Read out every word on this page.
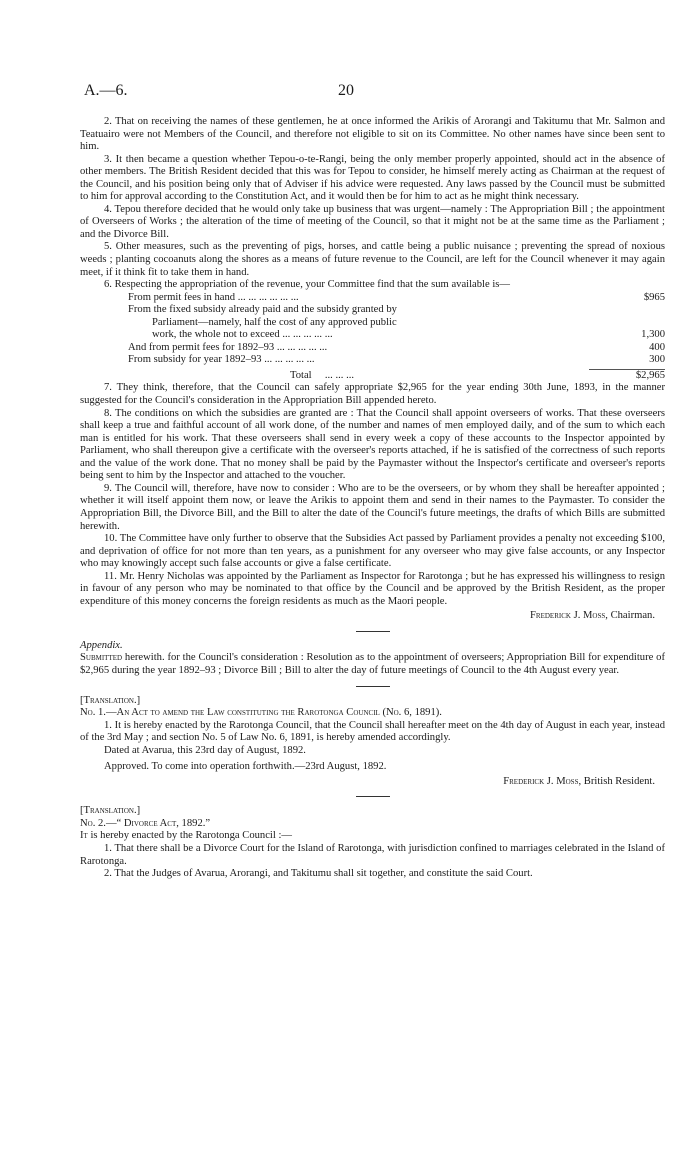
A.—6.	20

2. That on receiving the names of these gentlemen, he at once informed the Arikis of Arorangi and Takitumu that Mr. Salmon and Teatuairo were not Members of the Council, and therefore not eligible to sit on its Committee. No other names have since been sent to him.

3. It then became a question whether Tepou-o-te-Rangi, being the only member properly appointed, should act in the absence of other members. The British Resident decided that this was for Tepou to consider, he himself merely acting as Chairman at the request of the Council, and his position being only that of Adviser if his advice were requested. Any laws passed by the Council must be submitted to him for approval according to the Constitution Act, and it would then be for him to act as he might think necessary.

4. Tepou therefore decided that he would only take up business that was urgent—namely : The Appropriation Bill ; the appointment of Overseers of Works ; the alteration of the time of meeting of the Council, so that it might not be at the same time as the Parliament ; and the Divorce Bill.

5. Other measures, such as the preventing of pigs, horses, and cattle being a public nuisance ; preventing the spread of noxious weeds ; planting cocoanuts along the shores as a means of future revenue to the Council, are left for the Council whenever it may again meet, if it think fit to take them in hand.

6. Respecting the appropriation of the revenue, your Committee find that the sum available is—

From permit fees in hand ... ... ... ... ... ...	$965
From the fixed subsidy already paid and the subsidy granted by
Parliament—namely, half the cost of any approved public
work, the whole not to exceed ... ... ... ... ...	1,300
And from permit fees for 1892–93 ... ... ... ... ...	400
From subsidy for year 1892–93 ... ... ... ... ...	300
Total ... ... ...	$2,965

7. They think, therefore, that the Council can safely appropriate $2,965 for the year ending 30th June, 1893, in the manner suggested for the Council's consideration in the Appropriation Bill appended hereto.

8. The conditions on which the subsidies are granted are : That the Council shall appoint overseers of works. That these overseers shall keep a true and faithful account of all work done, of the number and names of men employed daily, and of the sum to which each man is entitled for his work. That these overseers shall send in every week a copy of these accounts to the Inspector appointed by Parliament, who shall thereupon give a certificate with the overseer's reports attached, if he is satisfied of the correctness of such reports and the value of the work done. That no money shall be paid by the Paymaster without the Inspector's certificate and overseer's reports being sent to him by the Inspector and attached to the voucher.

9. The Council will, therefore, have now to consider : Who are to be the overseers, or by whom they shall be hereafter appointed ; whether it will itself appoint them now, or leave the Arikis to appoint them and send in their names to the Paymaster. To consider the Appropriation Bill, the Divorce Bill, and the Bill to alter the date of the Council's future meetings, the drafts of which Bills are submitted herewith.

10. The Committee have only further to observe that the Subsidies Act passed by Parliament provides a penalty not exceeding $100, and deprivation of office for not more than ten years, as a punishment for any overseer who may give false accounts, or any Inspector who may knowingly accept such false accounts or give a false certificate.

11. Mr. Henry Nicholas was appointed by the Parliament as Inspector for Rarotonga ; but he has expressed his willingness to resign in favour of any person who may be nominated to that office by the Council and be approved by the British Resident, as the proper expenditure of this money concerns the foreign residents as much as the Maori people.

Frederick J. Moss, Chairman.

Appendix.

Submitted herewith. for the Council's consideration : Resolution as to the appointment of overseers; Appropriation Bill for expenditure of $2,965 during the year 1892–93 ; Divorce Bill ; Bill to alter the day of future meetings of Council to the 4th August every year.

[Translation.]

No. 1.—An Act to amend the Law constituting the Rarotonga Council (No. 6, 1891).

1. It is hereby enacted by the Rarotonga Council, that the Council shall hereafter meet on the 4th day of August in each year, instead of the 3rd May ; and section No. 5 of Law No. 6, 1891, is hereby amended accordingly.

Dated at Avarua, this 23rd day of August, 1892.

Approved. To come into operation forthwith.—23rd August, 1892.

Frederick J. Moss, British Resident.

[Translation.]

No. 2.—“ Divorce Act, 1892.”

It is hereby enacted by the Rarotonga Council :—

1. That there shall be a Divorce Court for the Island of Rarotonga, with jurisdiction confined to marriages celebrated in the Island of Rarotonga.

2. That the Judges of Avarua, Arorangi, and Takitumu shall sit together, and constitute the said Court.
